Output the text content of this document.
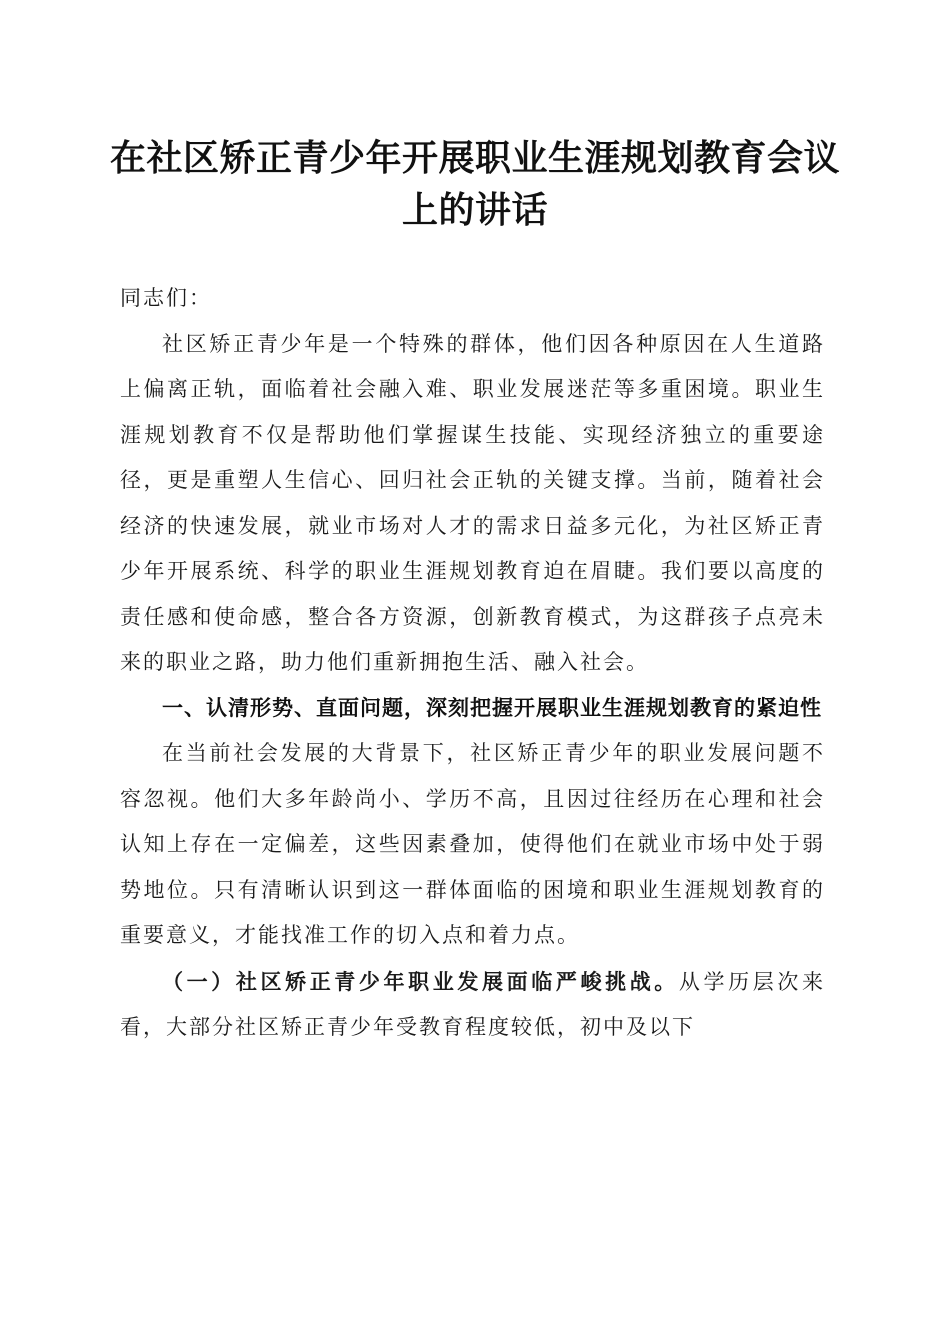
在社区矫正青少年开展职业生涯规划教育会议上的讲话

同志们：

社区矫正青少年是一个特殊的群体，他们因各种原因在人生道路上偏离正轨，面临着社会融入难、职业发展迷茫等多重困境。职业生涯规划教育不仅是帮助他们掌握谋生技能、实现经济独立的重要途径，更是重塑人生信心、回归社会正轨的关键支撑。当前，随着社会经济的快速发展，就业市场对人才的需求日益多元化，为社区矫正青少年开展系统、科学的职业生涯规划教育迫在眉睫。我们要以高度的责任感和使命感，整合各方资源，创新教育模式，为这群孩子点亮未来的职业之路，助力他们重新拥抱生活、融入社会。

一、认清形势、直面问题，深刻把握开展职业生涯规划教育的紧迫性

在当前社会发展的大背景下，社区矫正青少年的职业发展问题不容忽视。他们大多年龄尚小、学历不高，且因过往经历在心理和社会认知上存在一定偏差，这些因素叠加，使得他们在就业市场中处于弱势地位。只有清晰认识到这一群体面临的困境和职业生涯规划教育的重要意义，才能找准工作的切入点和着力点。

（一）社区矫正青少年职业发展面临严峻挑战。从学历层次来看，大部分社区矫正青少年受教育程度较低，初中及以下
